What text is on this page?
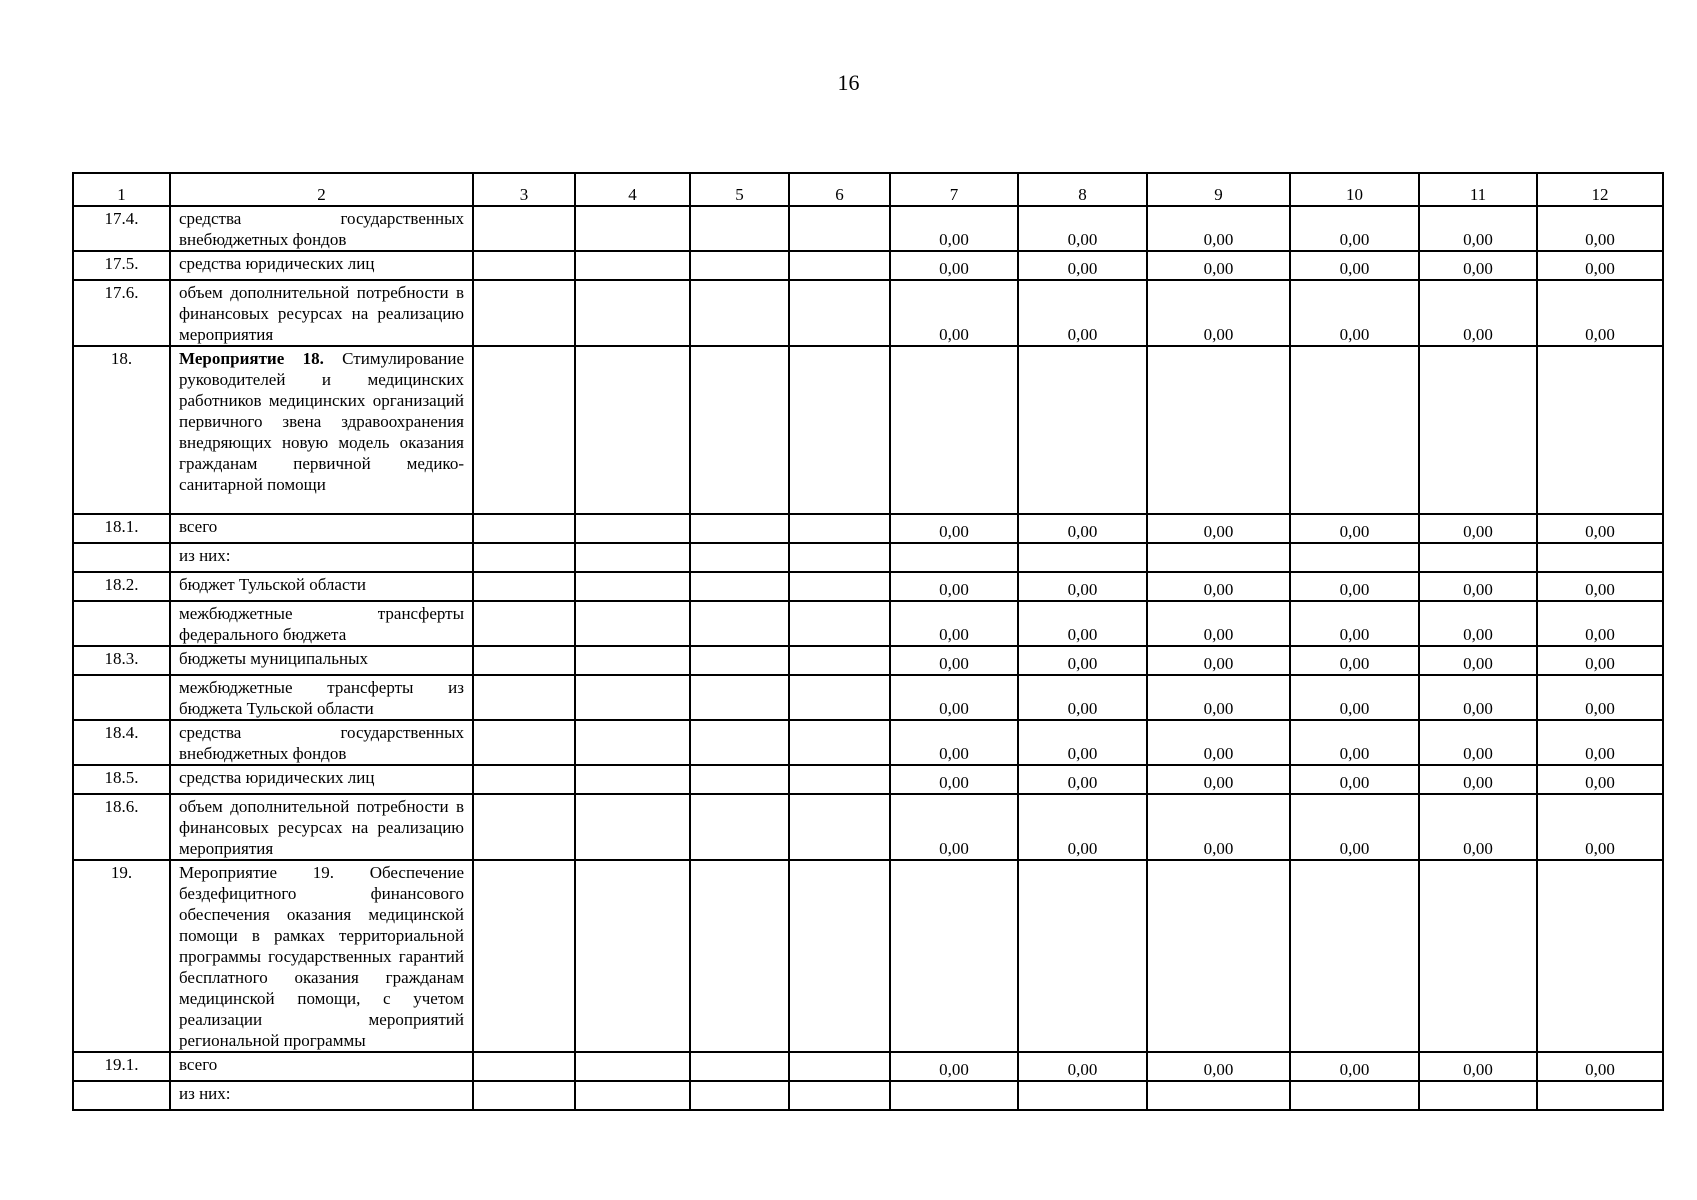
16
1	2	3	4	5	6	7	8	9	10	11	12
17.4.	средства государственных внебюджетных фондов					0,00	0,00	0,00	0,00	0,00	0,00
17.5.	средства юридических лиц					0,00	0,00	0,00	0,00	0,00	0,00
17.6.	объем дополнительной потребности в финансовых ресурсах на реализацию мероприятия					0,00	0,00	0,00	0,00	0,00	0,00
18.	Мероприятие 18. Стимулирование руководителей и медицинских работников медицинских организаций первичного звена здравоохранения внедряющих новую модель оказания гражданам первичной медико-санитарной помощи										
18.1.	всего					0,00	0,00	0,00	0,00	0,00	0,00
	из них:										
18.2.	бюджет Тульской области					0,00	0,00	0,00	0,00	0,00	0,00
	межбюджетные трансферты федерального бюджета					0,00	0,00	0,00	0,00	0,00	0,00
18.3.	бюджеты муниципальных					0,00	0,00	0,00	0,00	0,00	0,00
	межбюджетные трансферты из бюджета Тульской области					0,00	0,00	0,00	0,00	0,00	0,00
18.4.	средства государственных внебюджетных фондов					0,00	0,00	0,00	0,00	0,00	0,00
18.5.	средства юридических лиц					0,00	0,00	0,00	0,00	0,00	0,00
18.6.	объем дополнительной потребности в финансовых ресурсах на реализацию мероприятия					0,00	0,00	0,00	0,00	0,00	0,00
19.	Мероприятие 19. Обеспечение бездефицитного финансового обеспечения оказания медицинской помощи в рамках территориальной программы государственных гарантий бесплатного оказания гражданам медицинской помощи, с учетом реализации мероприятий региональной программы										
19.1.	всего					0,00	0,00	0,00	0,00	0,00	0,00
	из них:										
